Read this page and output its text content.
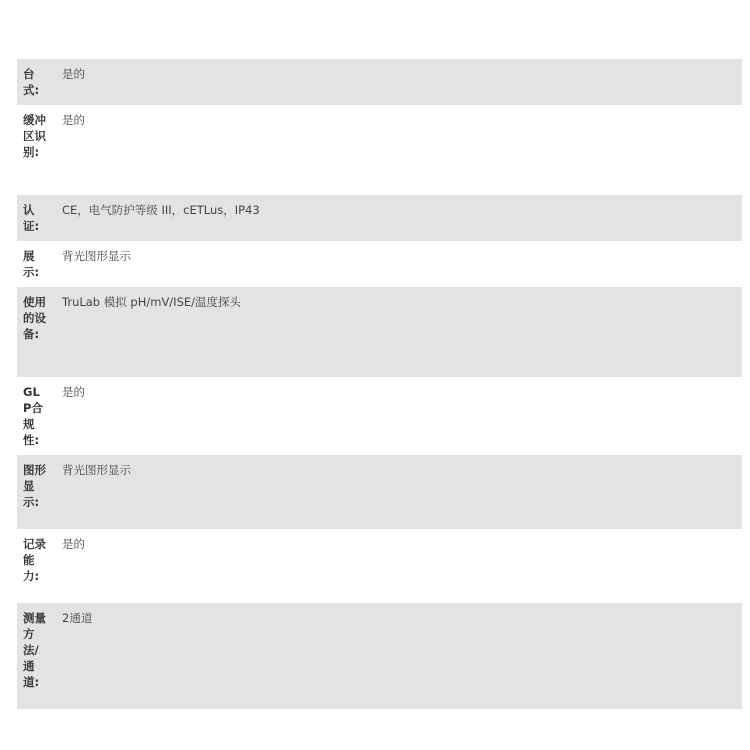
台式:	是的

缓冲区识别:	是的

认证:	CE，电气防护等级 III，cETLus，IP43

展示:	背光图形显示

使用的设备:	TruLab 模拟 pH/mV/ISE/温度探头

GLP合规性:	是的

图形显示:	背光图形显示

记录能力:	是的

测量方法/通道:	2通道
